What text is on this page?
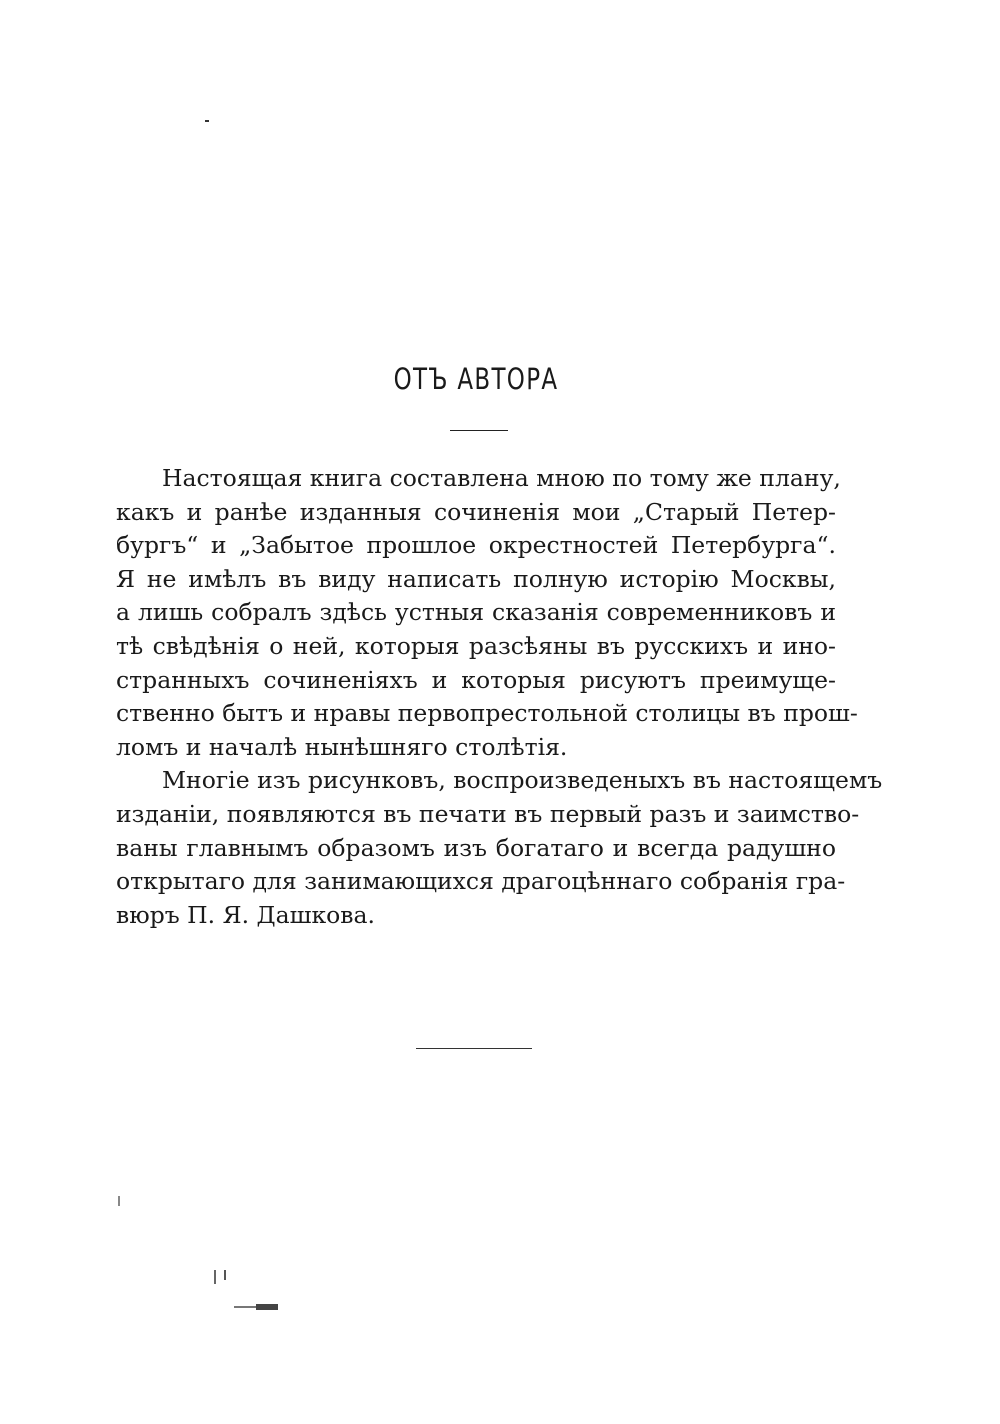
ОТЪ АВТОРА
Настоящая книга составлена мною по тому же плану,
какъ и ранѣе изданныя сочиненія мои „Старый Петер-
бургъ“ и „Забытое прошлое окрестностей Петербурга“.
Я не имѣлъ въ виду написать полную исторію Москвы,
а лишь собралъ здѣсь устныя сказанія современниковъ и
тѣ свѣдѣнія о ней, которыя разсѣяны въ русскихъ и ино-
странныхъ сочиненіяхъ и которыя рисуютъ преимуще-
ственно бытъ и нравы первопрестольной столицы въ прош-
ломъ и началѣ нынѣшняго столѣтія.
Многіе изъ рисунковъ, воспроизведеныхъ въ настоящемъ
изданіи, появляются въ печати въ первый разъ и заимство-
ваны главнымъ образомъ изъ богатаго и всегда радушно
открытаго для занимающихся драгоцѣннаго собранія гра-
вюръ П. Я. Дашкова.
